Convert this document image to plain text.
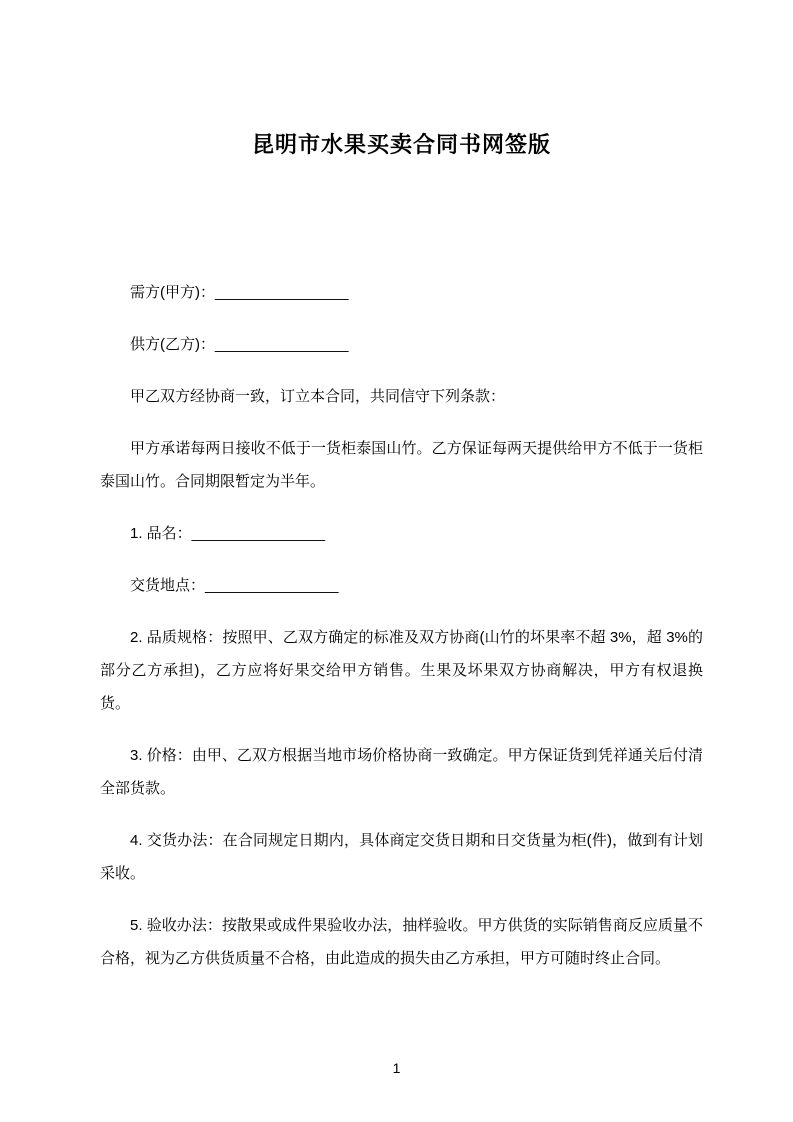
昆明市水果买卖合同书网签版

需方(甲方)：________________

供方(乙方)：________________

甲乙双方经协商一致，订立本合同，共同信守下列条款：

甲方承诺每两日接收不低于一货柜泰国山竹。乙方保证每两天提供给甲方不低于一货柜泰国山竹。合同期限暂定为半年。

1. 品名：________________

交货地点：________________

2. 品质规格：按照甲、乙双方确定的标准及双方协商(山竹的坏果率不超 3%，超 3%的部分乙方承担)，乙方应将好果交给甲方销售。生果及坏果双方协商解决，甲方有权退换货。

3. 价格：由甲、乙双方根据当地市场价格协商一致确定。甲方保证货到凭祥通关后付清全部货款。

4. 交货办法：在合同规定日期内，具体商定交货日期和日交货量为柜(件)，做到有计划采收。

5. 验收办法：按散果或成件果验收办法，抽样验收。甲方供货的实际销售商反应质量不合格，视为乙方供货质量不合格，由此造成的损失由乙方承担，甲方可随时终止合同。

1
